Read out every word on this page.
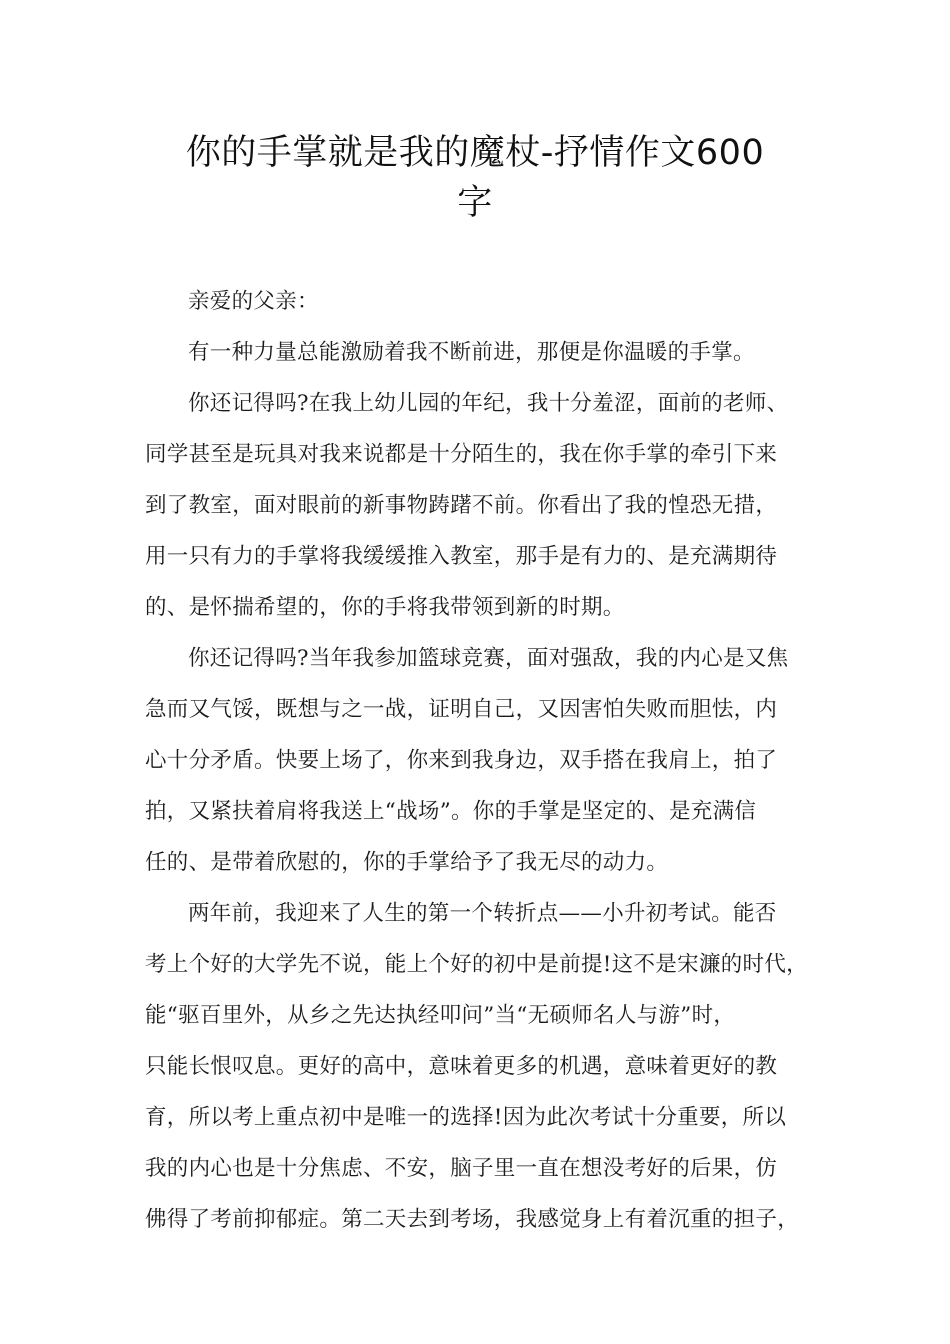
你的手掌就是我的魔杖-抒情作文600
字
亲爱的父亲：
有一种力量总能激励着我不断前进，那便是你温暖的手掌。
你还记得吗?在我上幼儿园的年纪，我十分羞涩，面前的老师、
同学甚至是玩具对我来说都是十分陌生的，我在你手掌的牵引下来
到了教室，面对眼前的新事物踌躇不前。你看出了我的惶恐无措，
用一只有力的手掌将我缓缓推入教室，那手是有力的、是充满期待
的、是怀揣希望的，你的手将我带领到新的时期。
你还记得吗?当年我参加篮球竞赛，面对强敌，我的内心是又焦
急而又气馁，既想与之一战，证明自己，又因害怕失败而胆怯，内
心十分矛盾。快要上场了，你来到我身边，双手搭在我肩上，拍了
拍，又紧扶着肩将我送上“战场”。你的手掌是坚定的、是充满信
任的、是带着欣慰的，你的手掌给予了我无尽的动力。
两年前，我迎来了人生的第一个转折点——小升初考试。能否
考上个好的大学先不说，能上个好的初中是前提!这不是宋濂的时代，
能“驱百里外，从乡之先达执经叩问”当“无硕师名人与游”时，
只能长恨叹息。更好的高中，意味着更多的机遇，意味着更好的教
育，所以考上重点初中是唯一的选择!因为此次考试十分重要，所以
我的内心也是十分焦虑、不安，脑子里一直在想没考好的后果，仿
佛得了考前抑郁症。第二天去到考场，我感觉身上有着沉重的担子，
